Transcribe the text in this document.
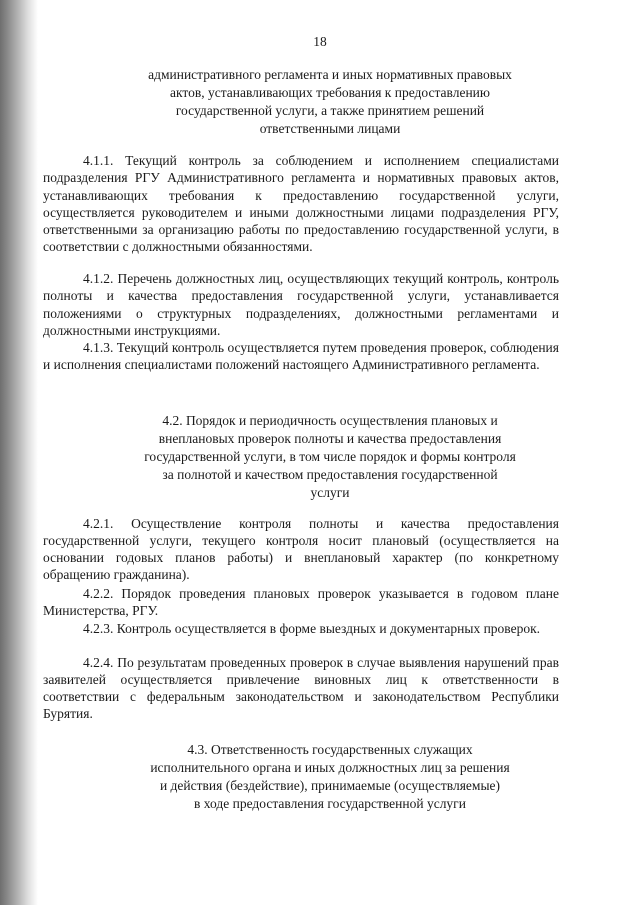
18
административного регламента и иных нормативных правовых
актов, устанавливающих требования к предоставлению
государственной услуги, а также принятием решений
ответственными лицами
4.1.1. Текущий контроль за соблюдением и исполнением специалистами подразделения РГУ Административного регламента и нормативных правовых актов, устанавливающих требования к предоставлению государственной услуги, осуществляется руководителем и иными должностными лицами подразделения РГУ, ответственными за организацию работы по предоставлению государственной услуги, в соответствии с должностными обязанностями.
4.1.2. Перечень должностных лиц, осуществляющих текущий контроль, контроль полноты и качества предоставления государственной услуги, устанавливается положениями о структурных подразделениях, должностными регламентами и должностными инструкциями.
4.1.3. Текущий контроль осуществляется путем проведения проверок, соблюдения и исполнения специалистами положений настоящего Административного регламента.
4.2. Порядок и периодичность осуществления плановых и
внеплановых проверок полноты и качества предоставления
государственной услуги, в том числе порядок и формы контроля
за полнотой и качеством предоставления государственной
услуги
4.2.1. Осуществление контроля полноты и качества предоставления государственной услуги, текущего контроля носит плановый (осуществляется на основании годовых планов работы) и внеплановый характер (по конкретному обращению гражданина).
4.2.2. Порядок проведения плановых проверок указывается в годовом плане Министерства, РГУ.
4.2.3. Контроль осуществляется в форме выездных и документарных проверок.
4.2.4. По результатам проведенных проверок в случае выявления нарушений прав заявителей осуществляется привлечение виновных лиц к ответственности в соответствии с федеральным законодательством и законодательством Республики Бурятия.
4.3. Ответственность государственных служащих
исполнительного органа и иных должностных лиц за решения
и действия (бездействие), принимаемые (осуществляемые)
в ходе предоставления государственной услуги
